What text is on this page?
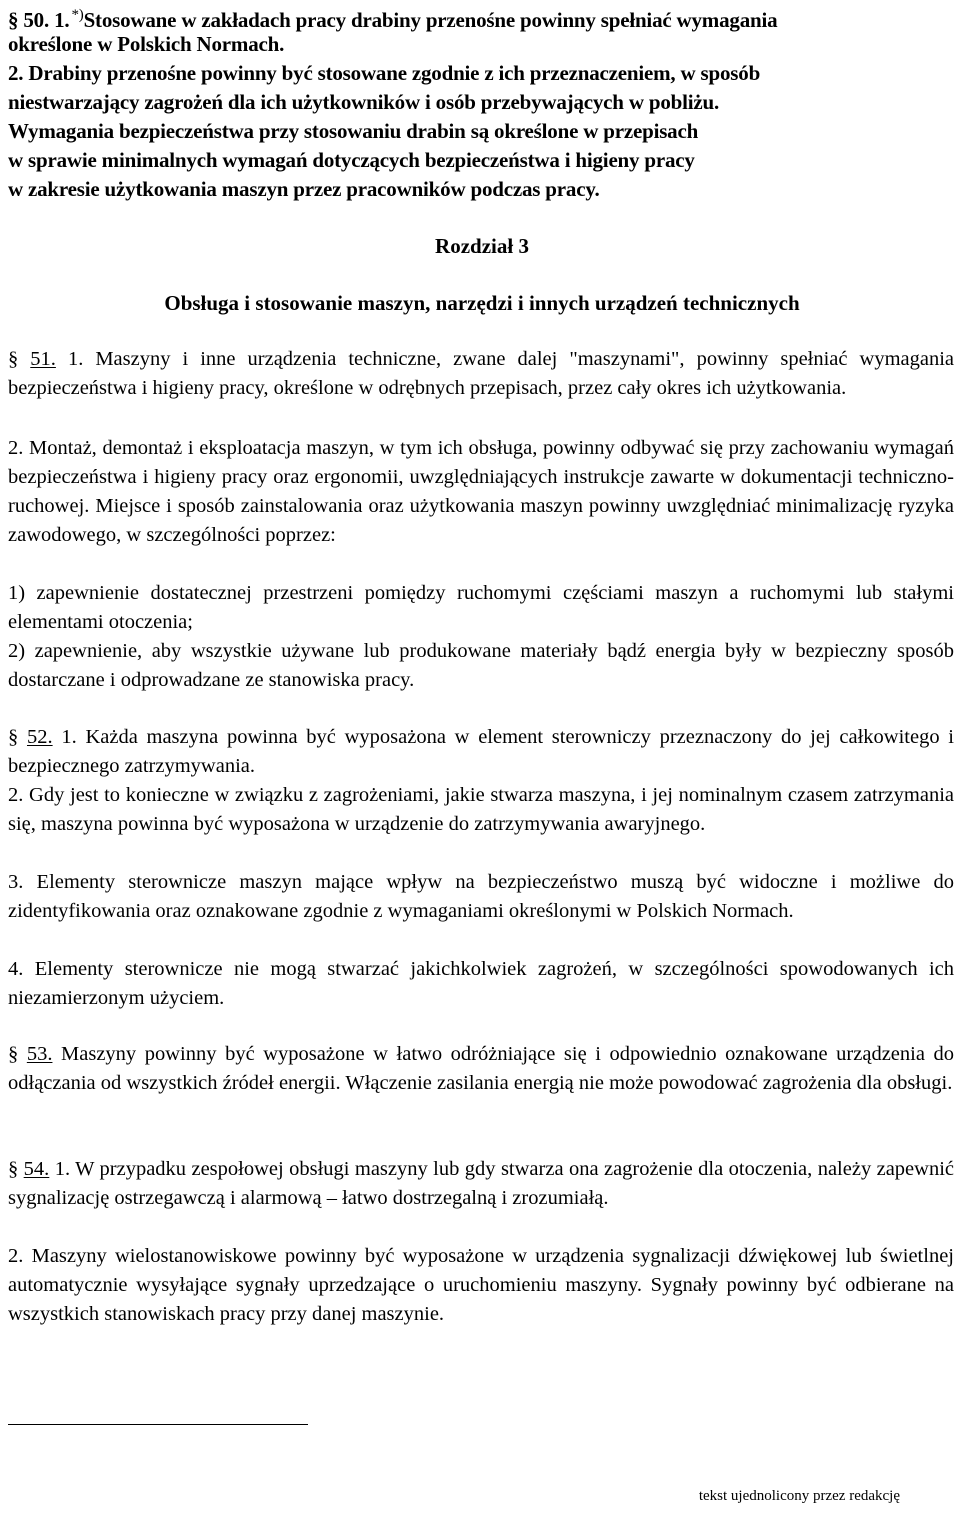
§ 50. 1. *)Stosowane w zakładach pracy drabiny przenośne powinny spełniać wymagania
określone w Polskich Normach.
2. Drabiny przenośne powinny być stosowane zgodnie z ich przeznaczeniem, w sposób
niestwarzający zagrożeń dla ich użytkowników i osób przebywających w pobliżu.
Wymagania bezpieczeństwa przy stosowaniu drabin są określone w przepisach
w sprawie minimalnych wymagań dotyczących bezpieczeństwa i higieny pracy
w zakresie użytkowania maszyn przez pracowników podczas pracy.
Rozdział 3
Obsługa i stosowanie maszyn, narzędzi i innych urządzeń technicznych
§ 51. 1. Maszyny i inne urządzenia techniczne, zwane dalej "maszynami", powinny spełniać wymagania bezpieczeństwa i higieny pracy, określone w odrębnych przepisach, przez cały okres ich użytkowania.
2. Montaż, demontaż i eksploatacja maszyn, w tym ich obsługa, powinny odbywać się przy zachowaniu wymagań bezpieczeństwa i higieny pracy oraz ergonomii, uwzględniających instrukcje zawarte w dokumentacji techniczno-ruchowej. Miejsce i sposób zainstalowania oraz użytkowania maszyn powinny uwzględniać minimalizację ryzyka zawodowego, w szczególności poprzez:
1) zapewnienie dostatecznej przestrzeni pomiędzy ruchomymi częściami maszyn a ruchomymi lub stałymi elementami otoczenia;
2) zapewnienie, aby wszystkie używane lub produkowane materiały bądź energia były w bezpieczny sposób dostarczane i odprowadzane ze stanowiska pracy.
§ 52. 1. Każda maszyna powinna być wyposażona w element sterowniczy przeznaczony do jej całkowitego i bezpiecznego zatrzymywania.
2. Gdy jest to konieczne w związku z zagrożeniami, jakie stwarza maszyna, i jej nominalnym czasem zatrzymania się, maszyna powinna być wyposażona w urządzenie do zatrzymywania awaryjnego.
3. Elementy sterownicze maszyn mające wpływ na bezpieczeństwo muszą być widoczne i możliwe do zidentyfikowania oraz oznakowane zgodnie z wymaganiami określonymi w Polskich Normach.
4. Elementy sterownicze nie mogą stwarzać jakichkolwiek zagrożeń, w szczególności spowodowanych ich niezamierzonym użyciem.
§ 53. Maszyny powinny być wyposażone w łatwo odróżniające się i odpowiednio oznakowane urządzenia do odłączania od wszystkich źródeł energii. Włączenie zasilania energią nie może powodować zagrożenia dla obsługi.
§ 54. 1. W przypadku zespołowej obsługi maszyny lub gdy stwarza ona zagrożenie dla otoczenia, należy zapewnić sygnalizację ostrzegawczą i alarmową – łatwo dostrzegalną i zrozumiałą.
2. Maszyny wielostanowiskowe powinny być wyposażone w urządzenia sygnalizacji dźwiękowej lub świetlnej automatycznie wysyłające sygnały uprzedzające o uruchomieniu maszyny. Sygnały powinny być odbierane na wszystkich stanowiskach pracy przy danej maszynie.
tekst ujednolicony przez redakcję
